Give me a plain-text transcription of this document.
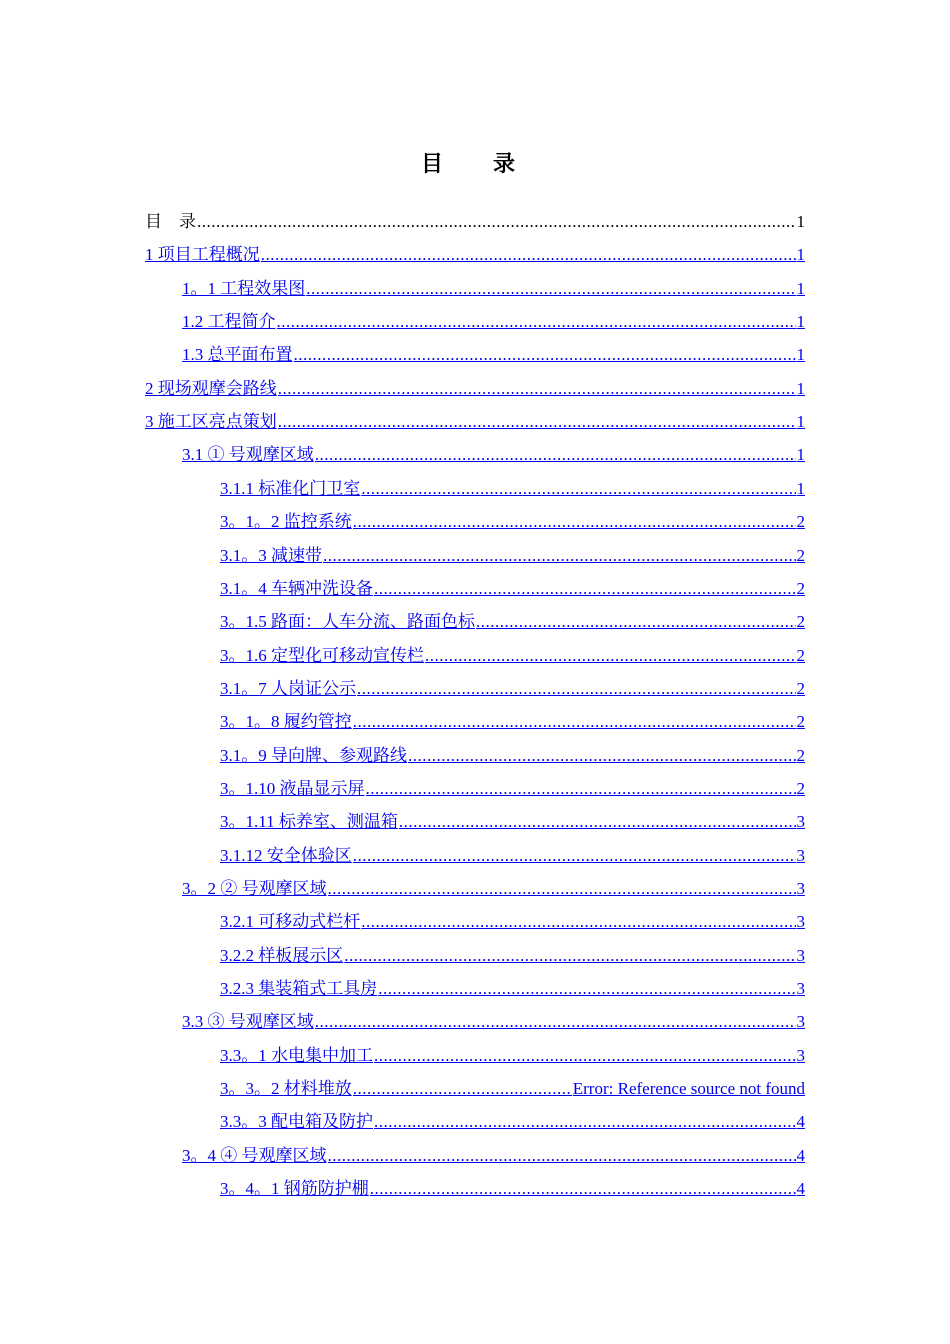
目　录
目　录 .....	1
1 项目工程概况 .....	1
1。1 工程效果图 .....	1
1.2 工程简介 .....	1
1.3 总平面布置 .....	1
2 现场观摩会路线 .....	1
3 施工区亮点策划 .....	1
3.1 ① 号观摩区域 .....	1
3.1.1 标准化门卫室 .....	1
3。1。2 监控系统 .....	2
3.1。3 减速带 .....	2
3.1。4 车辆冲洗设备 .....	2
3。1.5 路面：人车分流、路面色标 .....	2
3。1.6 定型化可移动宣传栏 .....	2
3.1。7 人岗证公示 .....	2
3。1。8 履约管控 .....	2
3.1。9 导向牌、参观路线 .....	2
3。1.10 液晶显示屏 .....	2
3。1.11 标养室、测温箱 .....	3
3.1.12 安全体验区 .....	3
3。2 ② 号观摩区域 .....	3
3.2.1 可移动式栏杆 .....	3
3.2.2 样板展示区 .....	3
3.2.3 集装箱式工具房 .....	3
3.3 ③ 号观摩区域 .....	3
3.3。1 水电集中加工 .....	3
3。3。2 材料堆放 .....	Error: Reference source not found
3.3。3 配电箱及防护 .....	4
3。4 ④ 号观摩区域 .....	4
3。4。1 钢筋防护棚 .....	4
